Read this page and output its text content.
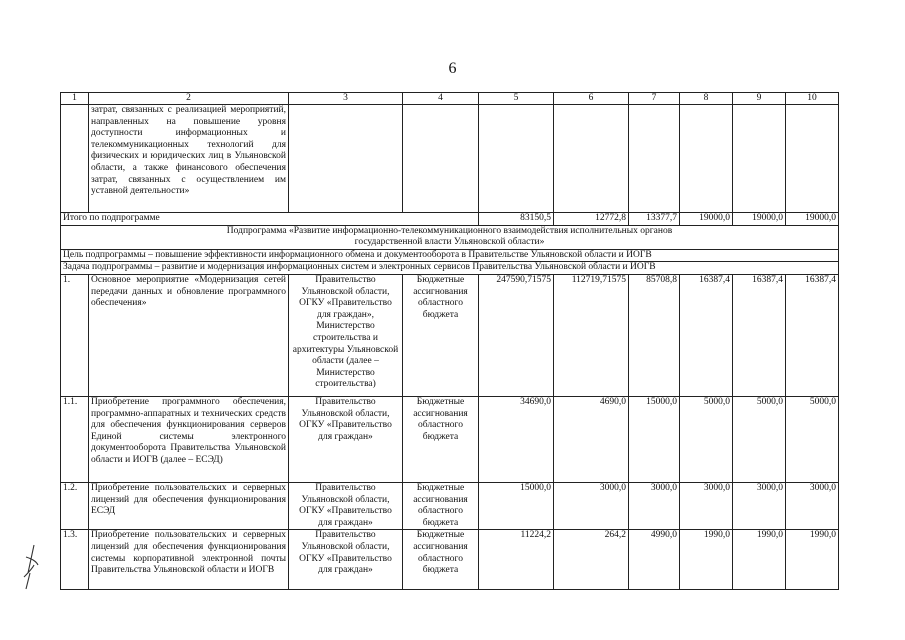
6
1	2	3	4	5	6	7	8	9	10
	затрат, связанных с реализацией мероприятий, направленных на повышение уровня доступности информационных и телекоммуникационных технологий для физических и юридических лиц в Ульяновской области, а также финансового обеспечения затрат, связанных с осуществлением им уставной деятельности»								
Итого по подпрограмме				83150,5	12772,8	13377,7	19000,0	19000,0	19000,0
Подпрограмма «Развитие информационно-телекоммуникационного взаимодействия исполнительных органов государственной власти Ульяновской области»									
Цель подпрограммы – повышение эффективности информационного обмена и документооборота в Правительстве Ульяновской области и ИОГВ									
Задача подпрограммы – развитие и модернизация информационных систем и электронных сервисов Правительства Ульяновской области и ИОГВ									
1.	Основное мероприятие «Модернизация сетей передачи данных и обновление программного обеспечения»	Правительство Ульяновской области, ОГКУ «Правительство для граждан», Министерство строительства и архитектуры Ульяновской области (далее – Министерство строительства)	Бюджетные ассигнования областного бюджета	247590,71575	112719,71575	85708,8	16387,4	16387,4	16387,4
1.1.	Приобретение программного обеспечения, программно-аппаратных и технических средств для обеспечения функционирования серверов Единой системы электронного документооборота Правительства Ульяновской области и ИОГВ (далее – ЕСЭД)	Правительство Ульяновской области, ОГКУ «Правительство для граждан»	Бюджетные ассигнования областного бюджета	34690,0	4690,0	15000,0	5000,0	5000,0	5000,0
1.2.	Приобретение пользовательских и серверных лицензий для обеспечения функционирования ЕСЭД	Правительство Ульяновской области, ОГКУ «Правительство для граждан»	Бюджетные ассигнования областного бюджета	15000,0	3000,0	3000,0	3000,0	3000,0	3000,0
1.3.	Приобретение пользовательских и серверных лицензий для обеспечения функционирования системы корпоративной электронной почты Правительства Ульяновской области и ИОГВ	Правительство Ульяновской области, ОГКУ «Правительство для граждан»	Бюджетные ассигнования областного бюджета	11224,2	264,2	4990,0	1990,0	1990,0	1990,0
